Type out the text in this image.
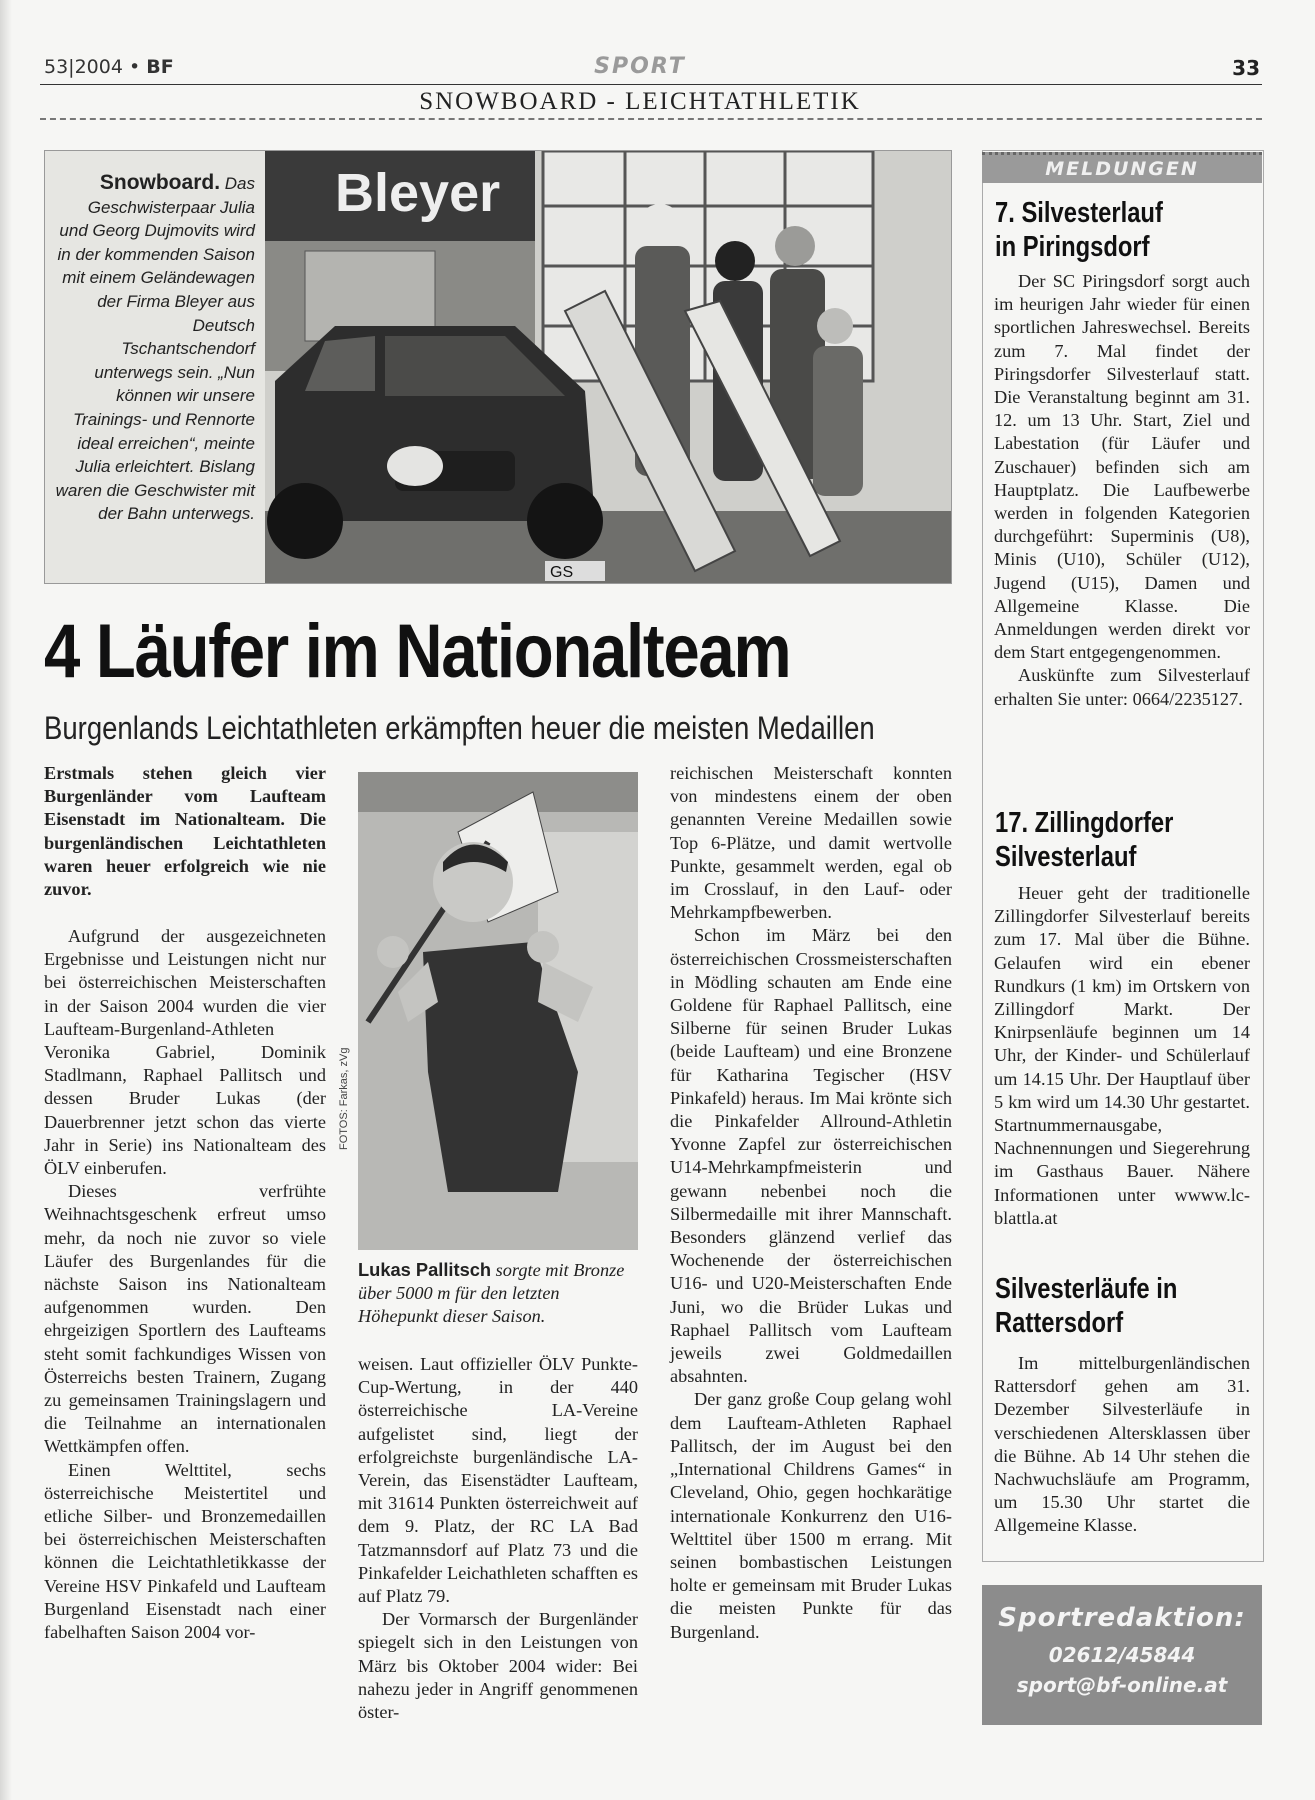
53|2004 • BF	SPORT	33
SNOWBOARD - LEICHTATHLETIK
Snowboard. Das Geschwisterpaar Julia und Georg Dujmovits wird in der kommenden Saison mit einem Geländewagen der Firma Bleyer aus Deutsch Tschantschendorf unterwegs sein. „Nun können wir unsere Trainings- und Rennorte ideal erreichen“, meinte Julia erleichtert. Bislang waren die Geschwister mit der Bahn unterwegs.
Bleyer
GS
4 Läufer im Nationalteam
Burgenlands Leichtathleten erkämpften heuer die meisten Medaillen
Erstmals stehen gleich vier Burgenländer vom Laufteam Eisenstadt im Nationalteam. Die burgenländischen Leichtathleten waren heuer erfolgreich wie nie zuvor.

Aufgrund der ausgezeichneten Ergebnisse und Leistungen nicht nur bei österreichischen Meisterschaften in der Saison 2004 wurden die vier Laufteam-Burgenland-Athleten Veronika Gabriel, Dominik Stadlmann, Raphael Pallitsch und dessen Bruder Lukas (der Dauerbrenner jetzt schon das vierte Jahr in Serie) ins Nationalteam des ÖLV einberufen.

Dieses verfrühte Weihnachtsgeschenk erfreut umso mehr, da noch nie zuvor so viele Läufer des Burgenlandes für die nächste Saison ins Nationalteam aufgenommen wurden. Den ehrgeizigen Sportlern des Laufteams steht somit fachkundiges Wissen von Österreichs besten Trainern, Zugang zu gemeinsamen Trainingslagern und die Teilnahme an internationalen Wettkämpfen offen.

Einen Welttitel, sechs österreichische Meistertitel und etliche Silber- und Bronzemedaillen bei österreichischen Meisterschaften können die Leichtathletikkasse der Vereine HSV Pinkafeld und Laufteam Burgenland Eisenstadt nach einer fabelhaften Saison 2004 vor-

FOTOS: Farkas, zVg
Lukas Pallitsch sorgte mit Bronze über 5000 m für den letzten Höhepunkt dieser Saison.

weisen. Laut offizieller ÖLV Punkte-Cup-Wertung, in der 440 österreichische LA-Vereine aufgelistet sind, liegt der erfolgreichste burgenländische LA-Verein, das Eisenstädter Laufteam, mit 31614 Punkten österreichweit auf dem 9. Platz, der RC LA Bad Tatzmannsdorf auf Platz 73 und die Pinkafelder Leichathleten schafften es auf Platz 79.

Der Vormarsch der Burgenländer spiegelt sich in den Leistungen von März bis Oktober 2004 wider: Bei nahezu jeder in Angriff genommenen öster-

reichischen Meisterschaft konnten von mindestens einem der oben genannten Vereine Medaillen sowie Top 6-Plätze, und damit wertvolle Punkte, gesammelt werden, egal ob im Crosslauf, in den Lauf- oder Mehrkampfbewerben.

Schon im März bei den österreichischen Crossmeisterschaften in Mödling schauten am Ende eine Goldene für Raphael Pallitsch, eine Silberne für seinen Bruder Lukas (beide Laufteam) und eine Bronzene für Katharina Tegischer (HSV Pinkafeld) heraus. Im Mai krönte sich die Pinkafelder Allround-Athletin Yvonne Zapfel zur österreichischen U14-Mehrkampfmeisterin und gewann nebenbei noch die Silbermedaille mit ihrer Mannschaft. Besonders glänzend verlief das Wochenende der österreichischen U16- und U20-Meisterschaften Ende Juni, wo die Brüder Lukas und Raphael Pallitsch vom Laufteam jeweils zwei Goldmedaillen absahnten.

Der ganz große Coup gelang wohl dem Laufteam-Athleten Raphael Pallitsch, der im August bei den „International Childrens Games“ in Cleveland, Ohio, gegen hochkarätige internationale Konkurrenz den U16-Welttitel über 1500 m errang. Mit seinen bombastischen Leistungen holte er gemeinsam mit Bruder Lukas die meisten Punkte für das Burgenland.

MELDUNGEN
7. Silvesterlauf
in Piringsdorf

Der SC Piringsdorf sorgt auch im heurigen Jahr wieder für einen sportlichen Jahreswechsel. Bereits zum 7. Mal findet der Piringsdorfer Silvesterlauf statt. Die Veranstaltung beginnt am 31. 12. um 13 Uhr. Start, Ziel und Labestation (für Läufer und Zuschauer) befinden sich am Hauptplatz. Die Laufbewerbe werden in folgenden Kategorien durchgeführt: Superminis (U8), Minis (U10), Schüler (U12), Jugend (U15), Damen und Allgemeine Klasse. Die Anmeldungen werden direkt vor dem Start entgegengenommen.

Auskünfte zum Silvesterlauf erhalten Sie unter: 0664/2235127.

17. Zillingdorfer
Silvesterlauf

Heuer geht der traditionelle Zillingdorfer Silvesterlauf bereits zum 17. Mal über die Bühne. Gelaufen wird ein ebener Rundkurs (1 km) im Ortskern von Zillingdorf Markt. Der Knirpsenläufe beginnen um 14 Uhr, der Kinder- und Schülerlauf um 14.15 Uhr. Der Hauptlauf über 5 km wird um 14.30 Uhr gestartet. Startnummernausgabe, Nachnennungen und Siegerehrung im Gasthaus Bauer. Nähere Informationen unter wwww.lc-blattla.at

Silvesterläufe in
Rattersdorf

Im mittelburgenländischen Rattersdorf gehen am 31. Dezember Silvesterläufe in verschiedenen Altersklassen über die Bühne. Ab 14 Uhr stehen die Nachwuchsläufe am Programm, um 15.30 Uhr startet die Allgemeine Klasse.

Sportredaktion:
02612/45844
sport@bf-online.at
